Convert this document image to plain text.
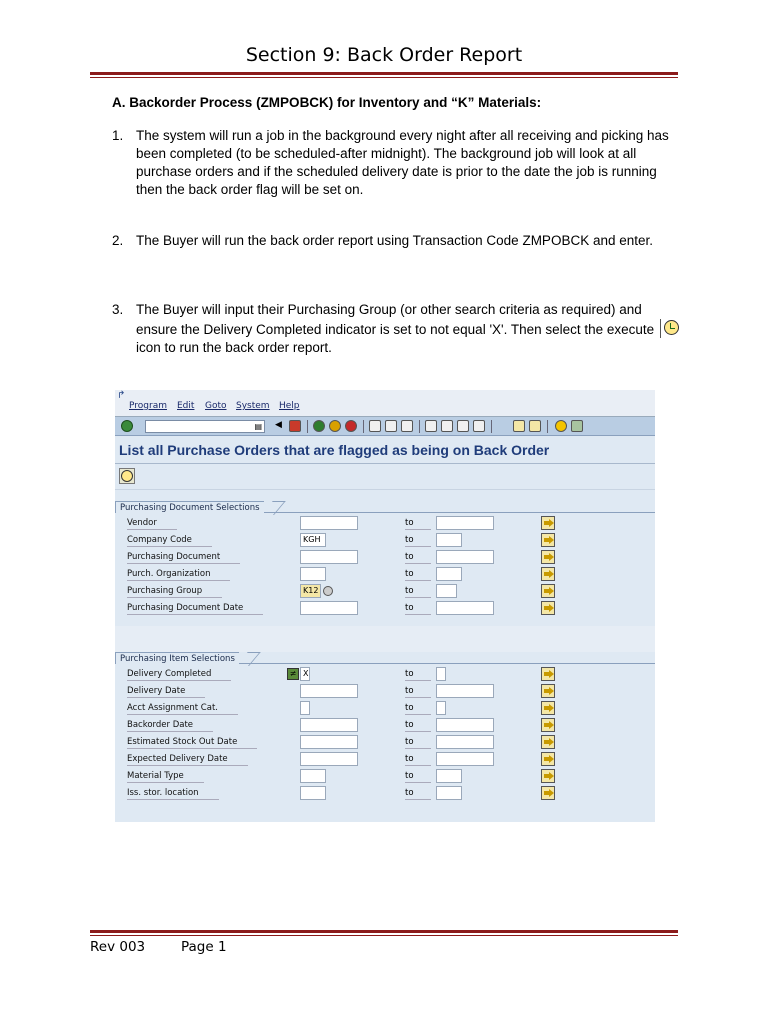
Section 9: Back Order Report
A. Backorder Process (ZMPOBCK) for Inventory and “K” Materials:
1. The system will run a job in the background every night after all receiving and picking has been completed (to be scheduled-after midnight). The background job will look at all purchase orders and if the scheduled delivery date is prior to the date the job is running then the back order flag will be set on.
2. The Buyer will run the back order report using Transaction Code ZMPOBCK and enter.
3. The Buyer will input their Purchasing Group (or other search criteria as required) and ensure the Delivery Completed indicator is set to not equal 'X'. Then select the execute
icon to run the back order report.
↱
Program Edit Goto System Help
▤	◀
List all Purchase Orders that are flagged as being on Back Order
Purchasing Document Selections
Vendor	to
Company Code	KGH	to
Purchasing Document	to
Purch. Organization	to
Purchasing Group	K12	to
Purchasing Document Date	to
Purchasing Item Selections
Delivery Completed	≠ X	to
Delivery Date	to
Acct Assignment Cat.	to
Backorder Date	to
Estimated Stock Out Date	to
Expected Delivery Date	to
Material Type	to
Iss. stor. location	to
Rev 003	Page 1
